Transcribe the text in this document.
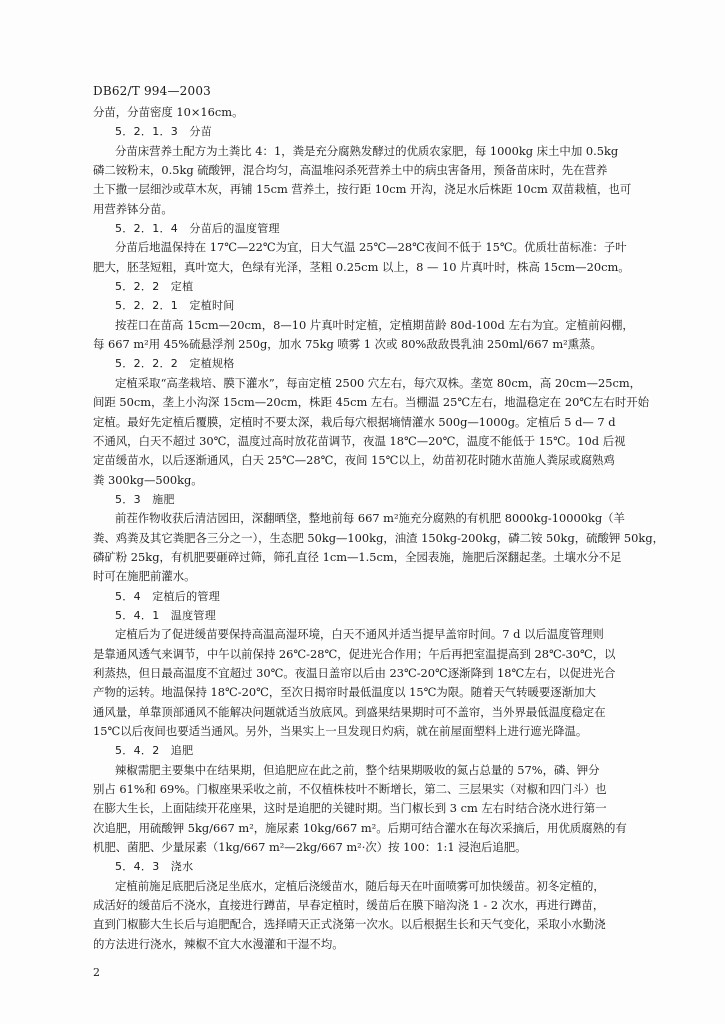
DB62/T 994—2003
分苗，分苗密度 10×16cm。
5．2．1．3　分苗
分苗床营养土配方为土粪比 4：1，粪是充分腐熟发酵过的优质农家肥，每 1000kg 床土中加 0.5kg
磷二铵粉末，0.5kg 硫酸钾，混合均匀，高温堆闷杀死营养土中的病虫害备用，预备苗床时，先在营养
土下撒一层细沙或草木灰，再铺 15cm 营养土，按行距 10cm 开沟，浇足水后株距 10cm 双苗栽植，也可
用营养钵分苗。
5．2．1．4　分苗后的温度管理
分苗后地温保持在 17℃—22℃为宜，日大气温 25℃—28℃夜间不低于 15℃。优质壮苗标准：子叶
肥大，胚茎短粗，真叶宽大，色绿有光泽，茎粗 0.25cm 以上，8 — 10 片真叶时，株高 15cm—20cm。
5．2．2　定植
5．2．2．1　定植时间
按茬口在苗高 15cm—20cm，8—10 片真叶时定植，定植期苗龄 80d-100d 左右为宜。定植前闷棚，
每 667 m²用 45%硫悬浮剂 250g，加水 75kg 喷雾 1 次或 80%敌敌畏乳油 250ml/667 m²熏蒸。
5．2．2．2　定植规格
定植采取“高垄栽培、膜下灌水”，每亩定植 2500 穴左右，每穴双株。垄宽 80cm，高 20cm—25cm，
间距 50cm，垄上小沟深 15cm—20cm，株距 45cm 左右。当棚温 25℃左右，地温稳定在 20℃左右时开始
定植。最好先定植后覆膜，定植时不要太深，栽后每穴根据墒情灌水 500g—1000g。定植后 5 d— 7 d
不通风，白天不超过 30℃，温度过高时放花苗调节，夜温 18℃—20℃，温度不能低于 15℃。10d 后视
定苗缓苗水，以后逐渐通风，白天 25℃—28℃，夜间 15℃以上，幼苗初花时随水苗施人粪尿或腐熟鸡
粪 300kg—500kg。
5．3　施肥
前茬作物收获后清洁园田，深翻晒垡，整地前每 667 m²施充分腐熟的有机肥 8000kg-10000kg（羊
粪、鸡粪及其它粪肥各三分之一），生态肥 50kg—100kg，油渣 150kg-200kg，磷二铵 50kg，硫酸钾 50kg，
磷矿粉 25kg，有机肥要砸碎过筛，筛孔直径 1cm—1.5cm，全园表施，施肥后深翻起垄。土壤水分不足
时可在施肥前灌水。
5．4　定植后的管理
5．4．1　温度管理
定植后为了促进缓苗要保持高温高湿环境，白天不通风并适当提早盖帘时间。7 d 以后温度管理则
是靠通风透气来调节，中午以前保持 26℃-28℃，促进光合作用；午后再把室温提高到 28℃-30℃，以
利蒸热，但日最高温度不宜超过 30℃。夜温日盖帘以后由 23℃-20℃逐渐降到 18℃左右，以促进光合
产物的运转。地温保持 18℃-20℃，至次日揭帘时最低温度以 15℃为限。随着天气转暖要逐渐加大
通风量，单靠顶部通风不能解决问题就适当放底风。到盛果结果期时可不盖帘，当外界最低温度稳定在
15℃以后夜间也要适当通风。另外，当果实上一旦发现日灼病，就在前屋面塑料上进行遮光降温。
5．4．2　追肥
辣椒需肥主要集中在结果期，但追肥应在此之前，整个结果期吸收的氮占总量的 57%，磷、钾分
别占 61%和 69%。门椒座果采收之前，不仅植株枝叶不断增长，第二、三层果实（对椒和四门斗）也
在膨大生长，上面陆续开花座果，这时是追肥的关键时期。当门椒长到 3 cm 左右时结合浇水进行第一
次追肥，用硫酸钾 5kg/667 m²，施尿素 10kg/667 m²。后期可结合灌水在每次采摘后，用优质腐熟的有
机肥、菌肥、少量尿素（1kg/667 m²—2kg/667 m²·次）按 100：1:1 浸泡后追肥。
5．4．3　浇水
定植前施足底肥后浇足坐底水，定植后浇缓苗水，随后每天在叶面喷雾可加快缓苗。初冬定植的，
成活好的缓苗后不浇水，直接进行蹲苗，早春定植时，缓苗后在膜下暗沟浇 1 - 2 次水，再进行蹲苗，
直到门椒膨大生长后与追肥配合，选择晴天正式浇第一次水。以后根据生长和天气变化，采取小水勤浇
的方法进行浇水，辣椒不宜大水漫灌和干湿不均。
2
